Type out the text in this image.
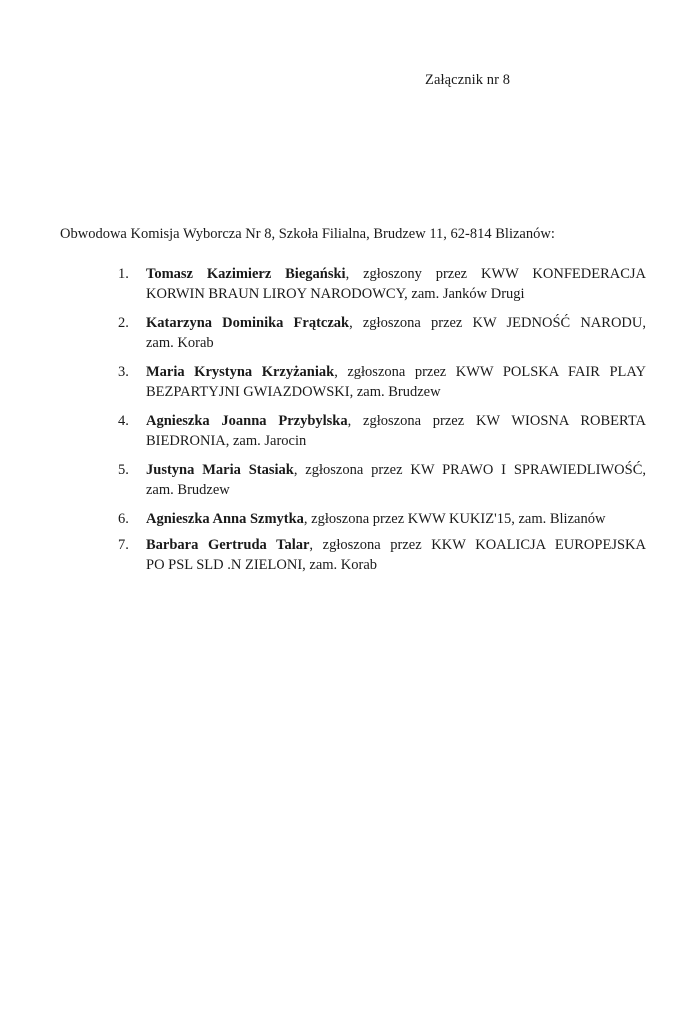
Załącznik nr 8
Obwodowa Komisja Wyborcza Nr 8, Szkoła Filialna, Brudzew 11, 62-814 Blizanów:
1. Tomasz Kazimierz Biegański, zgłoszony przez KWW KONFEDERACJA
KORWIN BRAUN LIROY NARODOWCY, zam. Janków Drugi
2. Katarzyna Dominika Frątczak, zgłoszona przez KW JEDNOŚĆ NARODU,
zam. Korab
3. Maria Krystyna Krzyżaniak, zgłoszona przez KWW POLSKA FAIR PLAY
BEZPARTYJNI GWIAZDOWSKI, zam. Brudzew
4. Agnieszka Joanna Przybylska, zgłoszona przez KW WIOSNA ROBERTA
BIEDRONIA, zam. Jarocin
5. Justyna Maria Stasiak, zgłoszona przez KW PRAWO I SPRAWIEDLIWOŚĆ,
zam. Brudzew
6. Agnieszka Anna Szmytka, zgłoszona przez KWW KUKIZ'15, zam. Blizanów
7. Barbara Gertruda Talar, zgłoszona przez KKW KOALICJA EUROPEJSKA
PO PSL SLD .N ZIELONI, zam. Korab
